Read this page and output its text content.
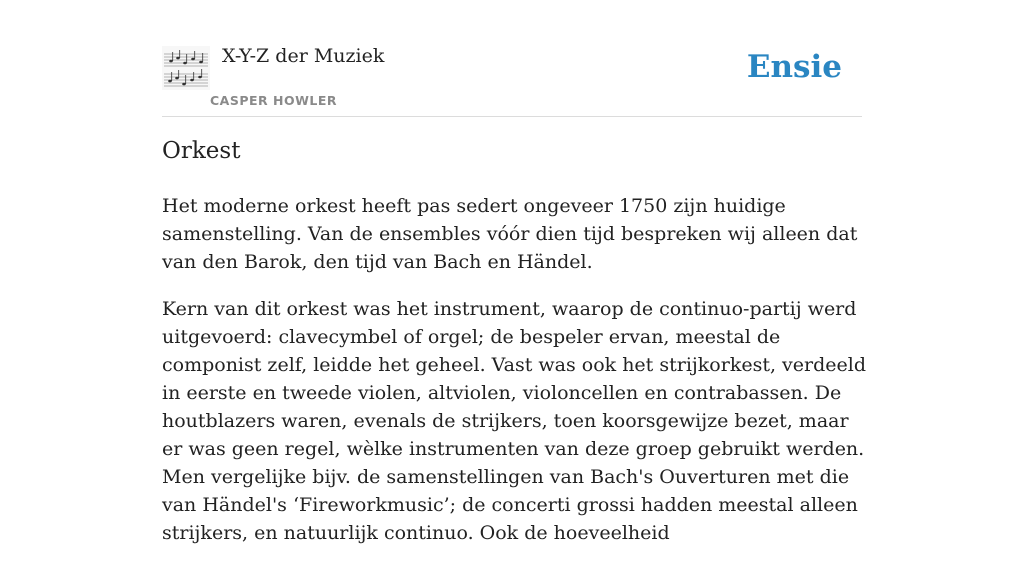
X-Y-Z der Muziek
CASPER HOWLER
Ensie
Orkest

Het moderne orkest heeft pas sedert ongeveer 1750 zijn huidige samenstelling. Van de ensembles vóór dien tijd bespreken wij alleen dat van den Barok, den tijd van Bach en Händel.

Kern van dit orkest was het instrument, waarop de continuo-partij werd uitgevoerd: clavecymbel of orgel; de bespeler ervan, meestal de componist zelf, leidde het geheel. Vast was ook het strijkorkest, verdeeld in eerste en tweede violen, altviolen, violoncellen en contrabassen. De houtblazers waren, evenals de strijkers, toen koorsgewijze bezet, maar er was geen regel, wèlke instrumenten van deze groep gebruikt werden. Men vergelijke bijv. de samenstellingen van Bach's Ouverturen met die van Händel's ‘Fireworkmusic’; de concerti grossi hadden meestal alleen strijkers, en natuurlijk continuo. Ook de hoeveelheid
